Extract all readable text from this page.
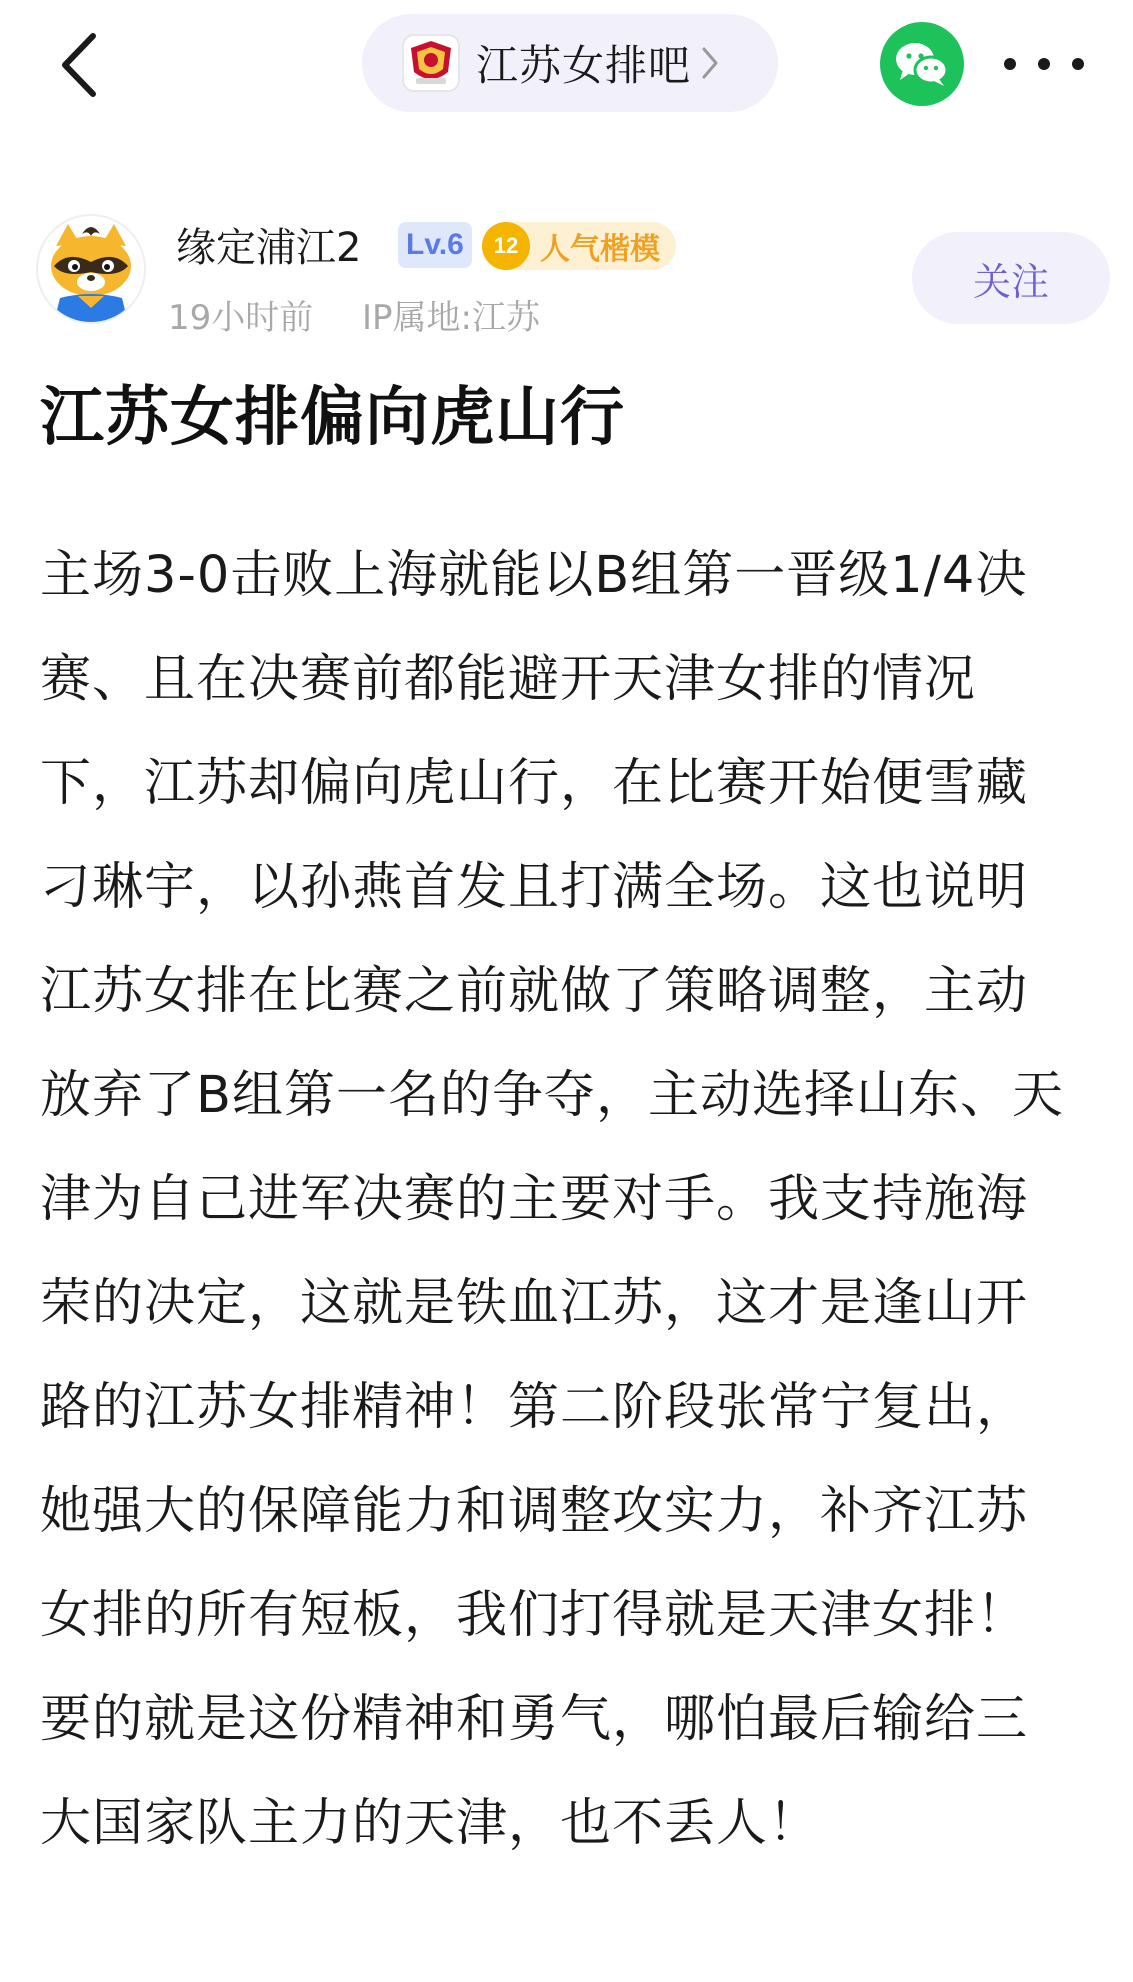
江苏女排吧
缘定浦江2 Lv.6	12 人气楷模
19小时前 IP属地:江苏
关注
江苏女排偏向虎山行

主场3-0击败上海就能以B组第一晋级1/4决赛、且在决赛前都能避开天津女排的情况下，江苏却偏向虎山行，在比赛开始便雪藏刁琳宇，以孙燕首发且打满全场。这也说明江苏女排在比赛之前就做了策略调整，主动放弃了B组第一名的争夺，主动选择山东、天津为自己进军决赛的主要对手。我支持施海荣的决定，这就是铁血江苏，这才是逢山开路的江苏女排精神！第二阶段张常宁复出，她强大的保障能力和调整攻实力，补齐江苏女排的所有短板，我们打得就是天津女排！要的就是这份精神和勇气，哪怕最后输给三大国家队主力的天津，也不丢人！
